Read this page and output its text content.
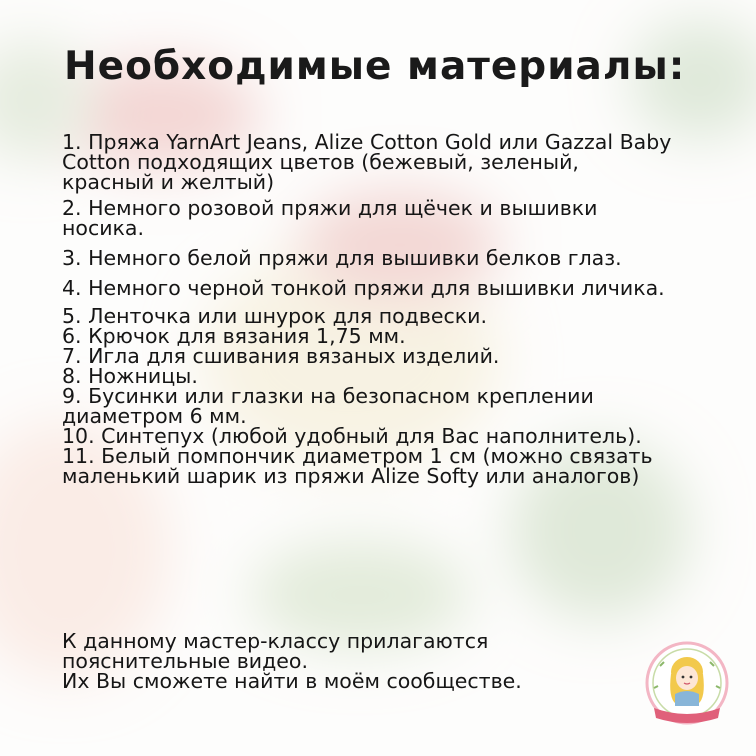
Необходимые материалы:
1. Пряжа YarnArt Jeans, Alize Cotton Gold или Gazzal Baby Cotton подходящих цветов (бежевый, зеленый, красный и желтый)
2. Немного розовой пряжи для щёчек и вышивки носика.
3. Немного белой пряжи для вышивки белков глаз.
4. Немного черной тонкой пряжи для вышивки личика.
5. Ленточка или шнурок для подвески.
6. Крючок для вязания 1,75 мм.
7. Игла для сшивания вязаных изделий.
8. Ножницы.
9. Бусинки или глазки на безопасном креплении диаметром 6 мм.
10. Синтепух (любой удобный для Вас наполнитель).
11. Белый помпончик диаметром 1 см (можно связать маленький шарик из пряжи Alize Softy или аналогов)

К данному мастер-классу прилагаются пояснительные видео.

Их Вы сможете найти в моём сообществе.
